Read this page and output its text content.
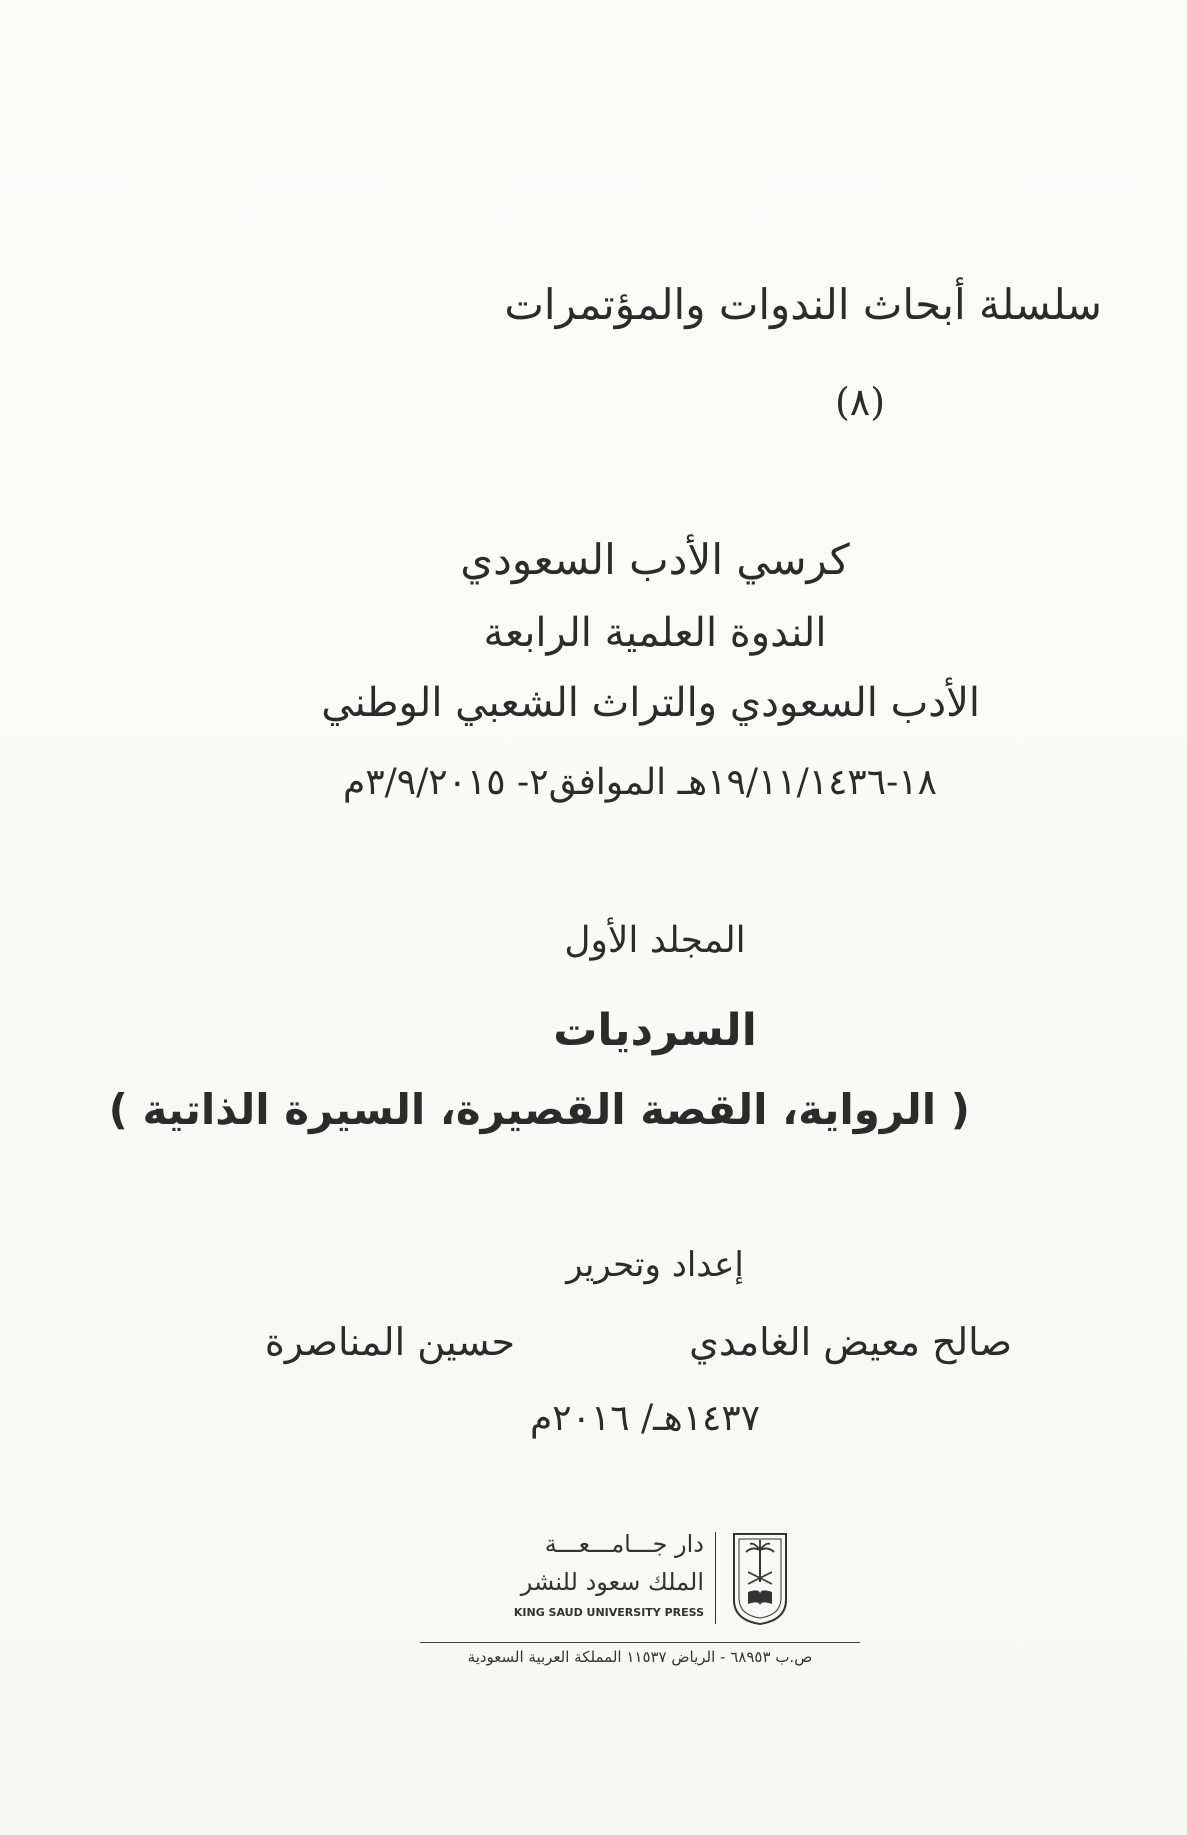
سلسلة أبحاث الندوات والمؤتمرات
(٨)
كرسي الأدب السعودي
الندوة العلمية الرابعة
الأدب السعودي والتراث الشعبي الوطني
١٨-١٩/١١/١٤٣٦هـ الموافق٢- ٣/٩/٢٠١٥م
المجلد الأول
السرديات
( الرواية، القصة القصيرة، السيرة الذاتية )
إعداد وتحرير
صالح معيض الغامدي
حسين المناصرة
١٤٣٧هـ/ ٢٠١٦م
دار جـــامـــعـــة
الملك سعود للنشر
KING SAUD UNIVERSITY PRESS
ص.ب ٦٨٩٥٣ - الرياض ١١٥٣٧ المملكة العربية السعودية
